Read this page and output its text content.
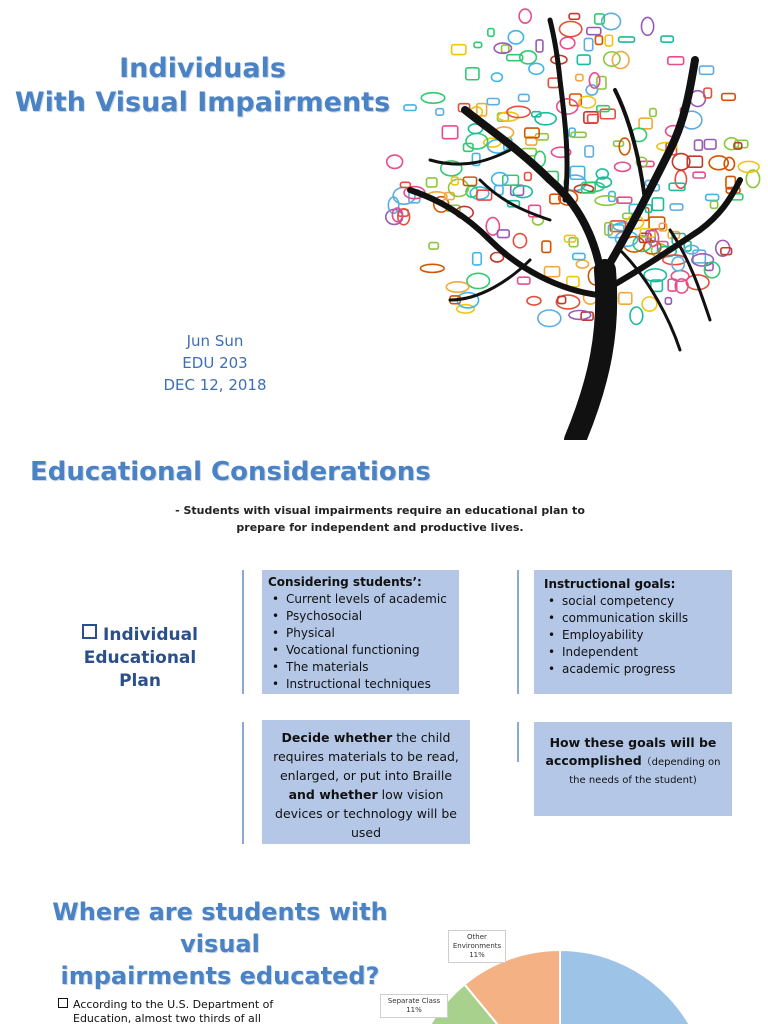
Individuals
With Visual Impairments
Jun Sun
EDU 203
DEC 12, 2018
Educational Considerations
- Students with visual impairments require an educational plan to
prepare for independent and productive lives.
Individual
Educational
Plan
Considering students’:
• Current levels of academic
• Psychosocial
• Physical
• Vocational functioning
• The materials
• Instructional techniques
Instructional goals:
• social competency
• communication skills
• Employability
• Independent
• academic progress
Decide whether the child requires materials to be read, enlarged, or put into Braille and whether low vision devices or technology will be used
How these goals will be accomplished（depending on the needs of the student)
Where are students with visual
impairments educated?
According to the U.S. Department of
Education, almost two thirds of all
Other
Environments
11%
Separate Class
11%
